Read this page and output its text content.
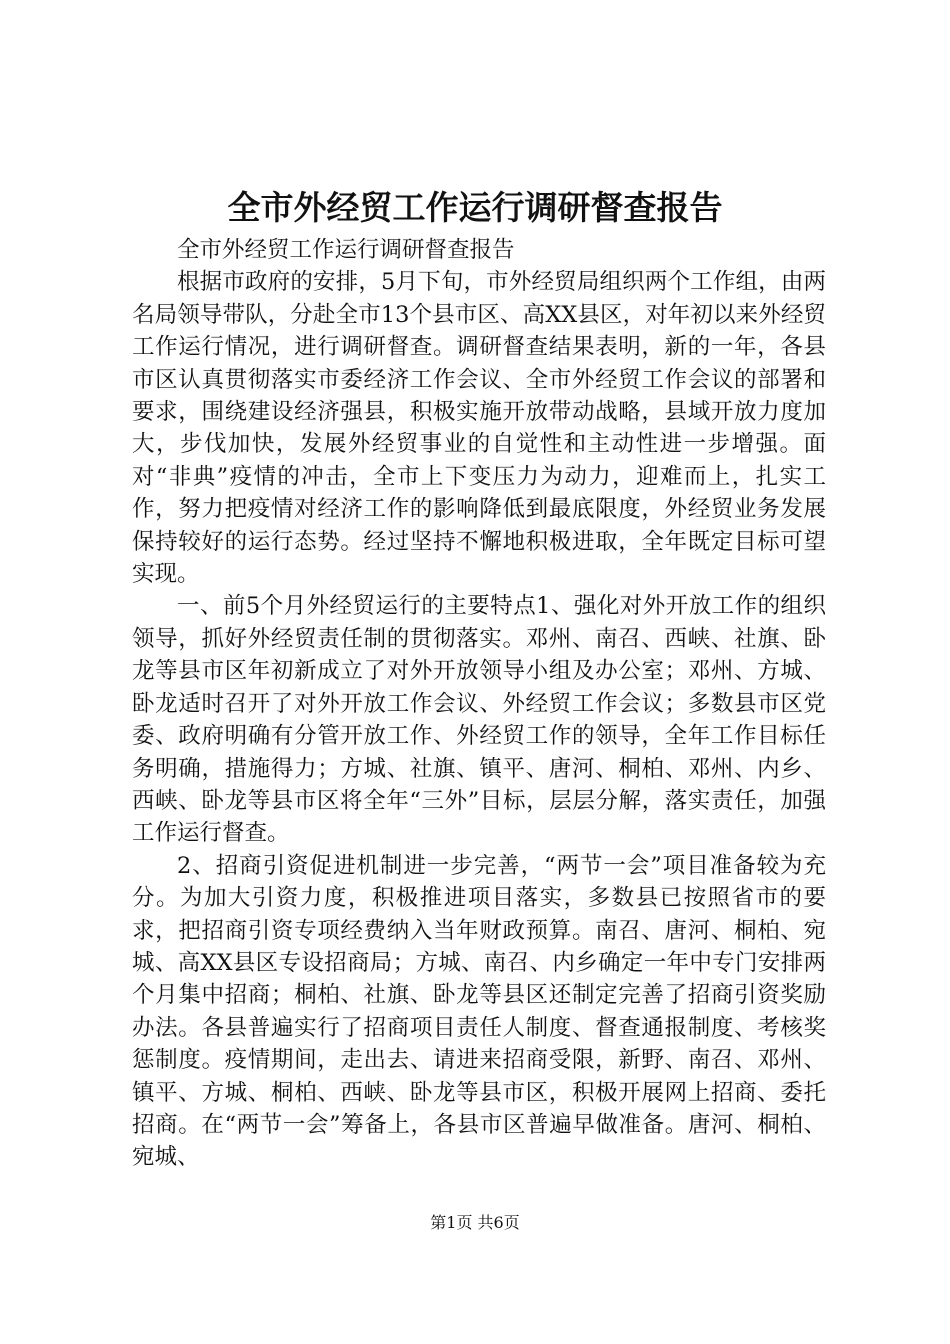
全市外经贸工作运行调研督查报告

全市外经贸工作运行调研督查报告

根据市政府的安排，5月下旬，市外经贸局组织两个工作组，由两名局领导带队，分赴全市13个县市区、高XX县区，对年初以来外经贸工作运行情况，进行调研督查。调研督查结果表明，新的一年，各县市区认真贯彻落实市委经济工作会议、全市外经贸工作会议的部署和要求，围绕建设经济强县，积极实施开放带动战略，县域开放力度加大，步伐加快，发展外经贸事业的自觉性和主动性进一步增强。面对“非典”疫情的冲击，全市上下变压力为动力，迎难而上，扎实工作，努力把疫情对经济工作的影响降低到最底限度，外经贸业务发展保持较好的运行态势。经过坚持不懈地积极进取，全年既定目标可望实现。

一、前5个月外经贸运行的主要特点1、强化对外开放工作的组织领导，抓好外经贸责任制的贯彻落实。邓州、南召、西峡、社旗、卧龙等县市区年初新成立了对外开放领导小组及办公室；邓州、方城、卧龙适时召开了对外开放工作会议、外经贸工作会议；多数县市区党委、政府明确有分管开放工作、外经贸工作的领导，全年工作目标任务明确，措施得力；方城、社旗、镇平、唐河、桐柏、邓州、内乡、西峡、卧龙等县市区将全年“三外”目标，层层分解，落实责任，加强工作运行督查。

2、招商引资促进机制进一步完善，“两节一会”项目准备较为充分。为加大引资力度，积极推进项目落实，多数县已按照省市的要求，把招商引资专项经费纳入当年财政预算。南召、唐河、桐柏、宛城、高XX县区专设招商局；方城、南召、内乡确定一年中专门安排两个月集中招商；桐柏、社旗、卧龙等县区还制定完善了招商引资奖励办法。各县普遍实行了招商项目责任人制度、督查通报制度、考核奖惩制度。疫情期间，走出去、请进来招商受限，新野、南召、邓州、镇平、方城、桐柏、西峡、卧龙等县市区，积极开展网上招商、委托招商。在“两节一会”筹备上，各县市区普遍早做准备。唐河、桐柏、宛城、

第1页 共6页
